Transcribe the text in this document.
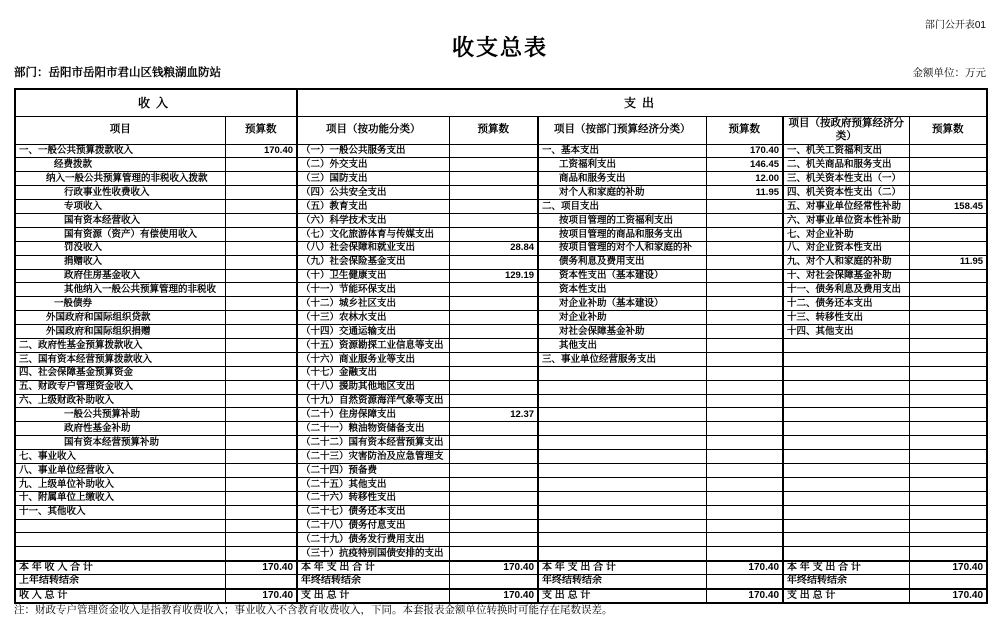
部门公开表01
收支总表
部门：岳阳市岳阳市君山区钱粮湖血防站	金额单位：万元
收入		支出					
项目	预算数	项目（按功能分类）	预算数	项目（按部门预算经济分类）	预算数	项目（按政府预算经济分类）	预算数
一、一般公共预算拨款收入	170.40	（一）一般公共服务支出		一、基本支出	170.40	一、机关工资福利支出	
经费拨款		（二）外交支出		工资福利支出	146.45	二、机关商品和服务支出	
纳入一般公共预算管理的非税收入拨款		（三）国防支出		商品和服务支出	12.00	三、机关资本性支出（一）	
行政事业性收费收入		（四）公共安全支出		对个人和家庭的补助	11.95	四、机关资本性支出（二）	
专项收入		（五）教育支出		二、项目支出		五、对事业单位经常性补助	158.45
国有资本经营收入		（六）科学技术支出		按项目管理的工资福利支出		六、对事业单位资本性补助	
国有资源（资产）有偿使用收入		（七）文化旅游体育与传媒支出		按项目管理的商品和服务支出		七、对企业补助	
罚没收入		（八）社会保障和就业支出	28.84	按项目管理的对个人和家庭的补		八、对企业资本性支出	
捐赠收入		（九）社会保险基金支出		债务利息及费用支出		九、对个人和家庭的补助	11.95
政府住房基金收入		（十）卫生健康支出	129.19	资本性支出（基本建设）		十、对社会保障基金补助	
其他纳入一般公共预算管理的非税收		（十一）节能环保支出		资本性支出		十一、债务利息及费用支出	
一般债券		（十二）城乡社区支出		对企业补助（基本建设）		十二、债务还本支出	
外国政府和国际组织贷款		（十三）农林水支出		对企业补助		十三、转移性支出	
外国政府和国际组织捐赠		（十四）交通运输支出		对社会保障基金补助		十四、其他支出	
二、政府性基金预算拨款收入		（十五）资源勘探工业信息等支出		其他支出			
三、国有资本经营预算拨款收入		（十六）商业服务业等支出		三、事业单位经营服务支出			
四、社会保障基金预算资金		（十七）金融支出					
五、财政专户管理资金收入		（十八）援助其他地区支出					
六、上级财政补助收入		（十九）自然资源海洋气象等支出					
一般公共预算补助		（二十）住房保障支出	12.37				
政府性基金补助		（二十一）粮油物资储备支出					
国有资本经营预算补助		（二十二）国有资本经营预算支出					
七、事业收入		（二十三）灾害防治及应急管理支					
八、事业单位经营收入		（二十四）预备费					
九、上级单位补助收入		（二十五）其他支出					
十、附属单位上缴收入		（二十六）转移性支出					
十一、其他收入		（二十七）债务还本支出					
		（二十八）债务付息支出					
		（二十九）债务发行费用支出					
		（三十）抗疫特别国债安排的支出					
本 年 收 入 合 计	170.40	本 年 支 出 合 计	170.40	本 年 支 出 合 计	170.40	本 年 支 出 合 计	170.40
上年结转结余		年终结转结余		年终结转结余		年终结转结余	
收 入 总 计	170.40	支 出 总 计	170.40	支 出 总 计	170.40	支 出 总 计	170.40
注：财政专户管理资金收入是指教育收费收入；事业收入不含教育收费收入，下同。本套报表金额单位转换时可能存在尾数误差。
